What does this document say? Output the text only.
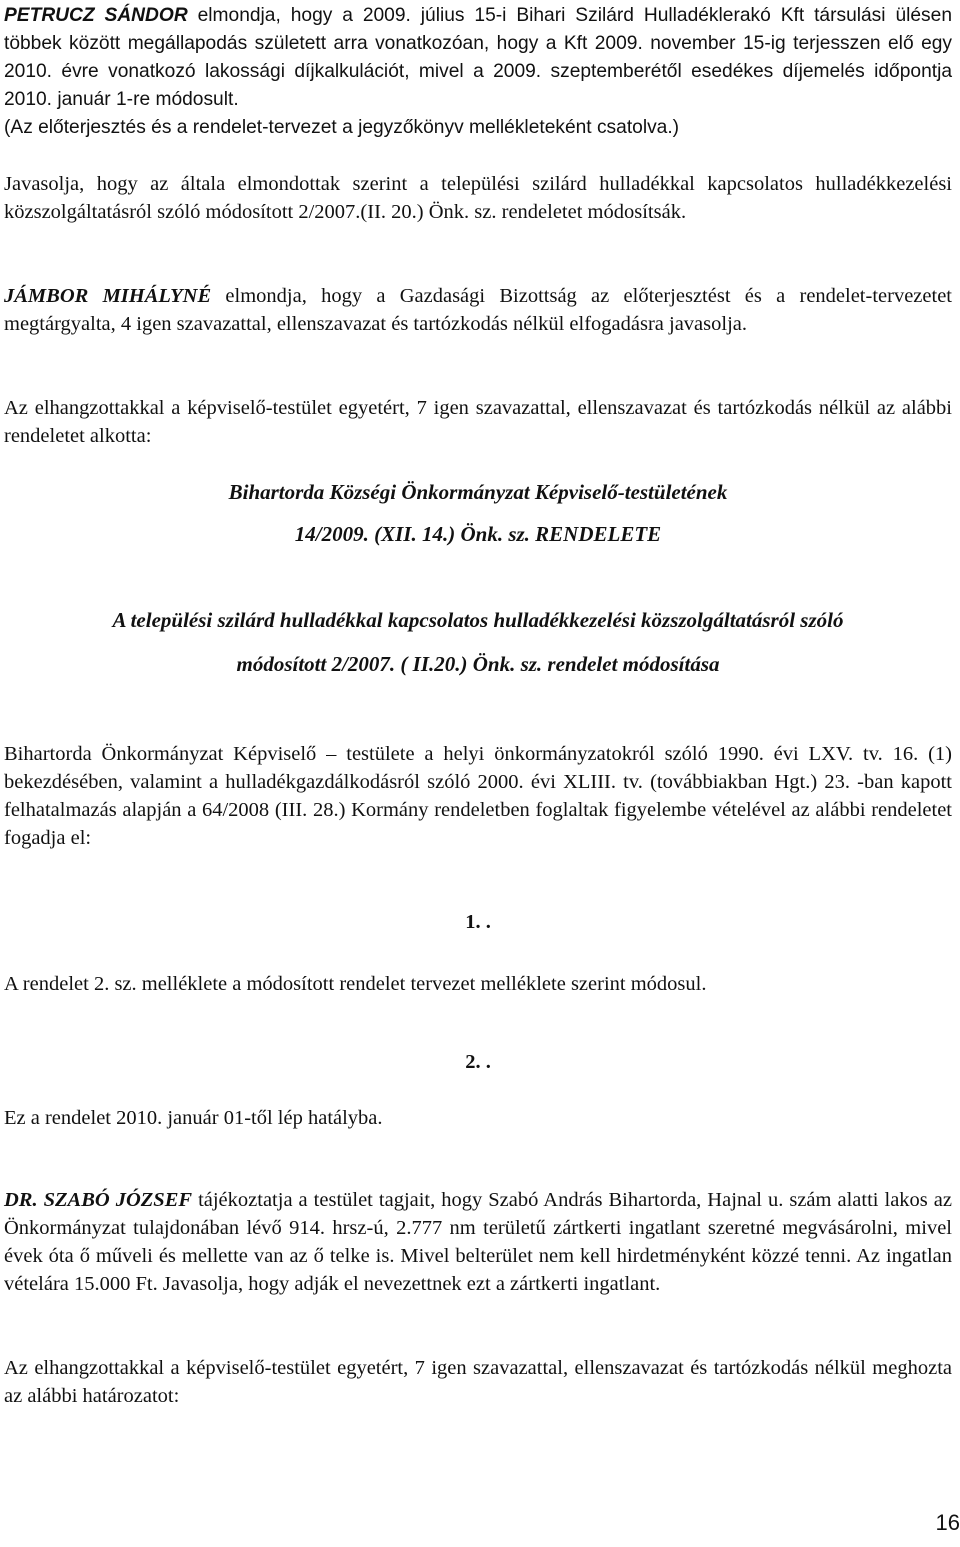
PETRUCZ SÁNDOR elmondja, hogy a 2009. július 15-i Bihari Szilárd Hulladéklerakó Kft társulási ülésen többek között megállapodás született arra vonatkozóan, hogy a Kft 2009. november 15-ig terjesszen elő egy 2010. évre vonatkozó lakossági díjkalkulációt, mivel a 2009. szeptemberétől esedékes díjemelés időpontja 2010. január 1-re módosult.

(Az előterjesztés és a rendelet-tervezet a jegyzőkönyv mellékleteként csatolva.)

Javasolja, hogy az általa elmondottak szerint a települési szilárd hulladékkal kapcsolatos hulladékkezelési közszolgáltatásról szóló módosított 2/2007.(II. 20.) Önk. sz. rendeletet módosítsák.

JÁMBOR MIHÁLYNÉ elmondja, hogy a Gazdasági Bizottság az előterjesztést és a rendelet-tervezetet megtárgyalta, 4 igen szavazattal, ellenszavazat és tartózkodás nélkül elfogadásra javasolja.

Az elhangzottakkal a képviselő-testület egyetért, 7 igen szavazattal, ellenszavazat és tartózkodás nélkül az alábbi rendeletet alkotta:

Bihartorda Községi Önkormányzat Képviselő-testületének

14/2009. (XII. 14.) Önk. sz. RENDELETE

A települési szilárd hulladékkal kapcsolatos hulladékkezelési közszolgáltatásról szóló

módosított 2/2007. ( II.20.) Önk. sz. rendelet módosítása

Bihartorda Önkormányzat Képviselő – testülete a helyi önkormányzatokról szóló 1990. évi LXV. tv. 16. (1) bekezdésében, valamint a hulladékgazdálkodásról szóló 2000. évi XLIII. tv. (továbbiakban Hgt.) 23. -ban kapott felhatalmazás alapján a 64/2008 (III. 28.) Kormány rendeletben foglaltak figyelembe vételével az alábbi rendeletet fogadja el:

1. .

A rendelet 2. sz. melléklete a módosított rendelet tervezet melléklete szerint módosul.

2. .

Ez a rendelet 2010. január 01-től lép hatályba.

DR. SZABÓ JÓZSEF tájékoztatja a testület tagjait, hogy Szabó András Bihartorda, Hajnal u. szám alatti lakos az Önkormányzat tulajdonában lévő 914. hrsz-ú, 2.777 nm területű zártkerti ingatlant szeretné megvásárolni, mivel évek óta ő műveli és mellette van az ő telke is. Mivel belterület nem kell hirdetményként közzé tenni. Az ingatlan vételára 15.000 Ft. Javasolja, hogy adják el nevezettnek ezt a zártkerti ingatlant.

Az elhangzottakkal a képviselő-testület egyetért, 7 igen szavazattal, ellenszavazat és tartózkodás nélkül meghozta az alábbi határozatot:

16
